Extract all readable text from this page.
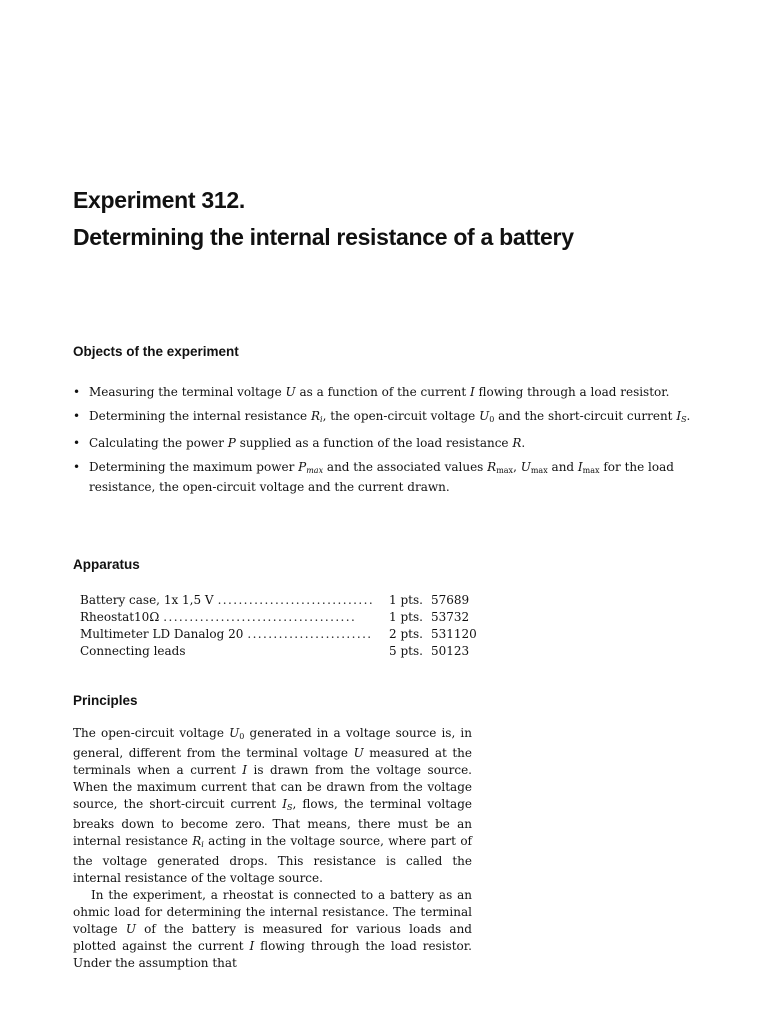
Experiment 312.
Determining the internal resistance of a battery
Objects of the experiment
• Measuring the terminal voltage U as a function of the current I flowing through a load resistor.
• Determining the internal resistance $R_i$, the open-circuit voltage $U_0$ and the short-circuit current $I_S$.
• Calculating the power P supplied as a function of the load resistance R.
• Determining the maximum power $P_{max}$ and the associated values $R_{max}$, $U_{max}$ and $I_{max}$ for the load resistance, the open-circuit voltage and the current drawn.
Apparatus
Battery case, 1x 1,5 V .............................. 1 pts. 57689
Rheostat10Ω .....................................	1 pts. 53732
Multimeter LD Danalog 20 ........................ 2 pts. 531120
Connecting leads	5 pts. 50123
Principles

The open-circuit voltage $U_0$ generated in a voltage source is, in general, different from the terminal voltage U measured at the terminals when a current I is drawn from the voltage source. When the maximum current that can be drawn from the voltage source, the short-circuit current $I_S$, flows, the terminal voltage breaks down to become zero. That means, there must be an internal resistance $R_i$ acting in the voltage source, where part of the voltage generated drops. This resistance is called the internal resistance of the voltage source.

In the experiment, a rheostat is connected to a battery as an ohmic load for determining the internal resistance. The terminal voltage U of the battery is measured for various loads and plotted against the current I flowing through the load resistor. Under the assumption that
